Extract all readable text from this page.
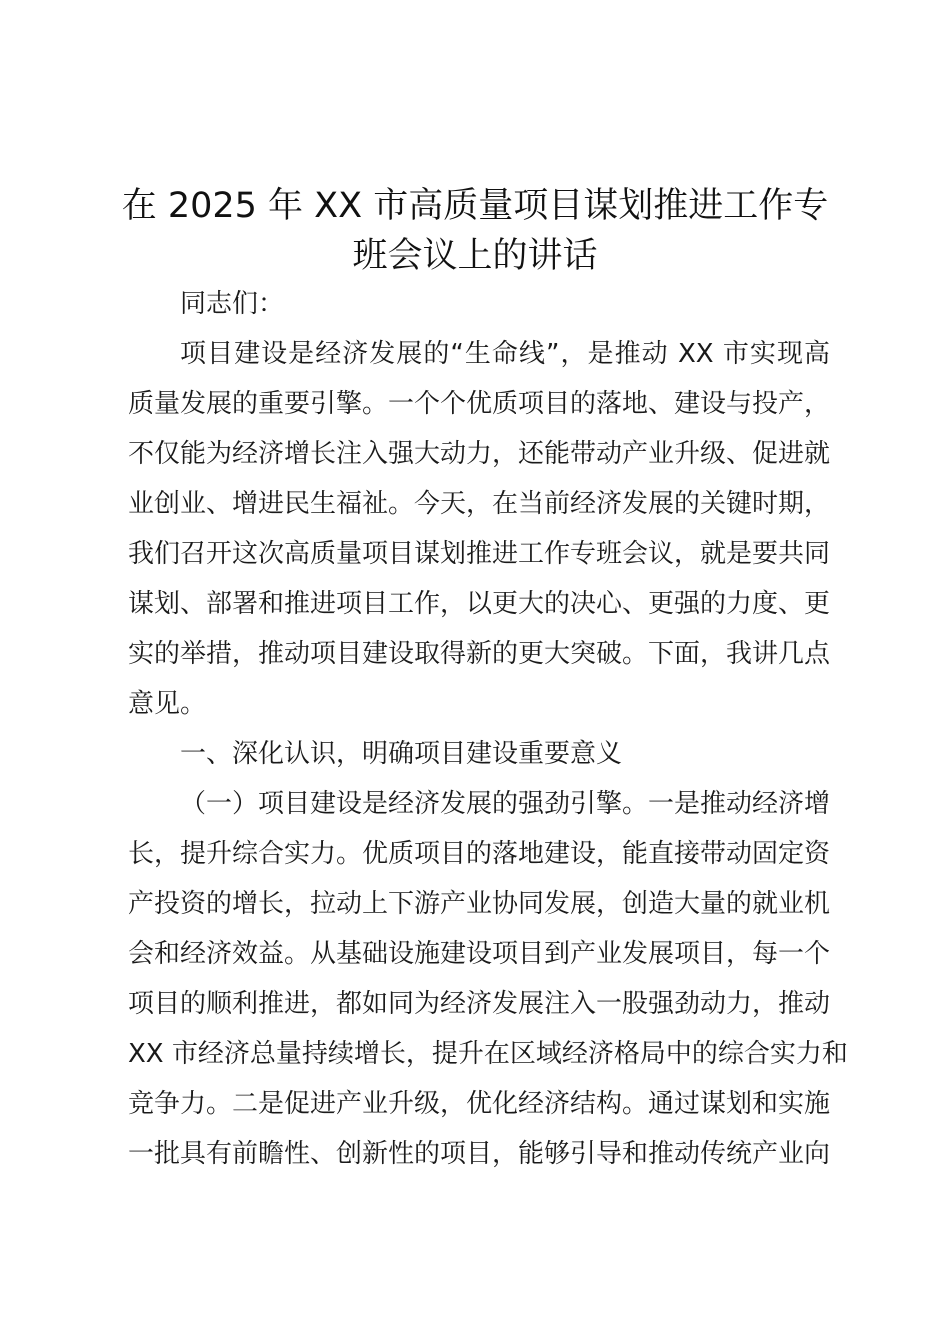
在 2025 年 XX 市高质量项目谋划推进工作专
班会议上的讲话
同志们：
项目建设是经济发展的“生命线”，是推动 XX 市实现高
质量发展的重要引擎。一个个优质项目的落地、建设与投产，
不仅能为经济增长注入强大动力，还能带动产业升级、促进就
业创业、增进民生福祉。今天，在当前经济发展的关键时期，
我们召开这次高质量项目谋划推进工作专班会议，就是要共同
谋划、部署和推进项目工作，以更大的决心、更强的力度、更
实的举措，推动项目建设取得新的更大突破。下面，我讲几点
意见。
一、深化认识，明确项目建设重要意义
（一）项目建设是经济发展的强劲引擎。一是推动经济增
长，提升综合实力。优质项目的落地建设，能直接带动固定资
产投资的增长，拉动上下游产业协同发展，创造大量的就业机
会和经济效益。从基础设施建设项目到产业发展项目，每一个
项目的顺利推进，都如同为经济发展注入一股强劲动力，推动
XX 市经济总量持续增长，提升在区域经济格局中的综合实力和
竞争力。二是促进产业升级，优化经济结构。通过谋划和实施
一批具有前瞻性、创新性的项目，能够引导和推动传统产业向
